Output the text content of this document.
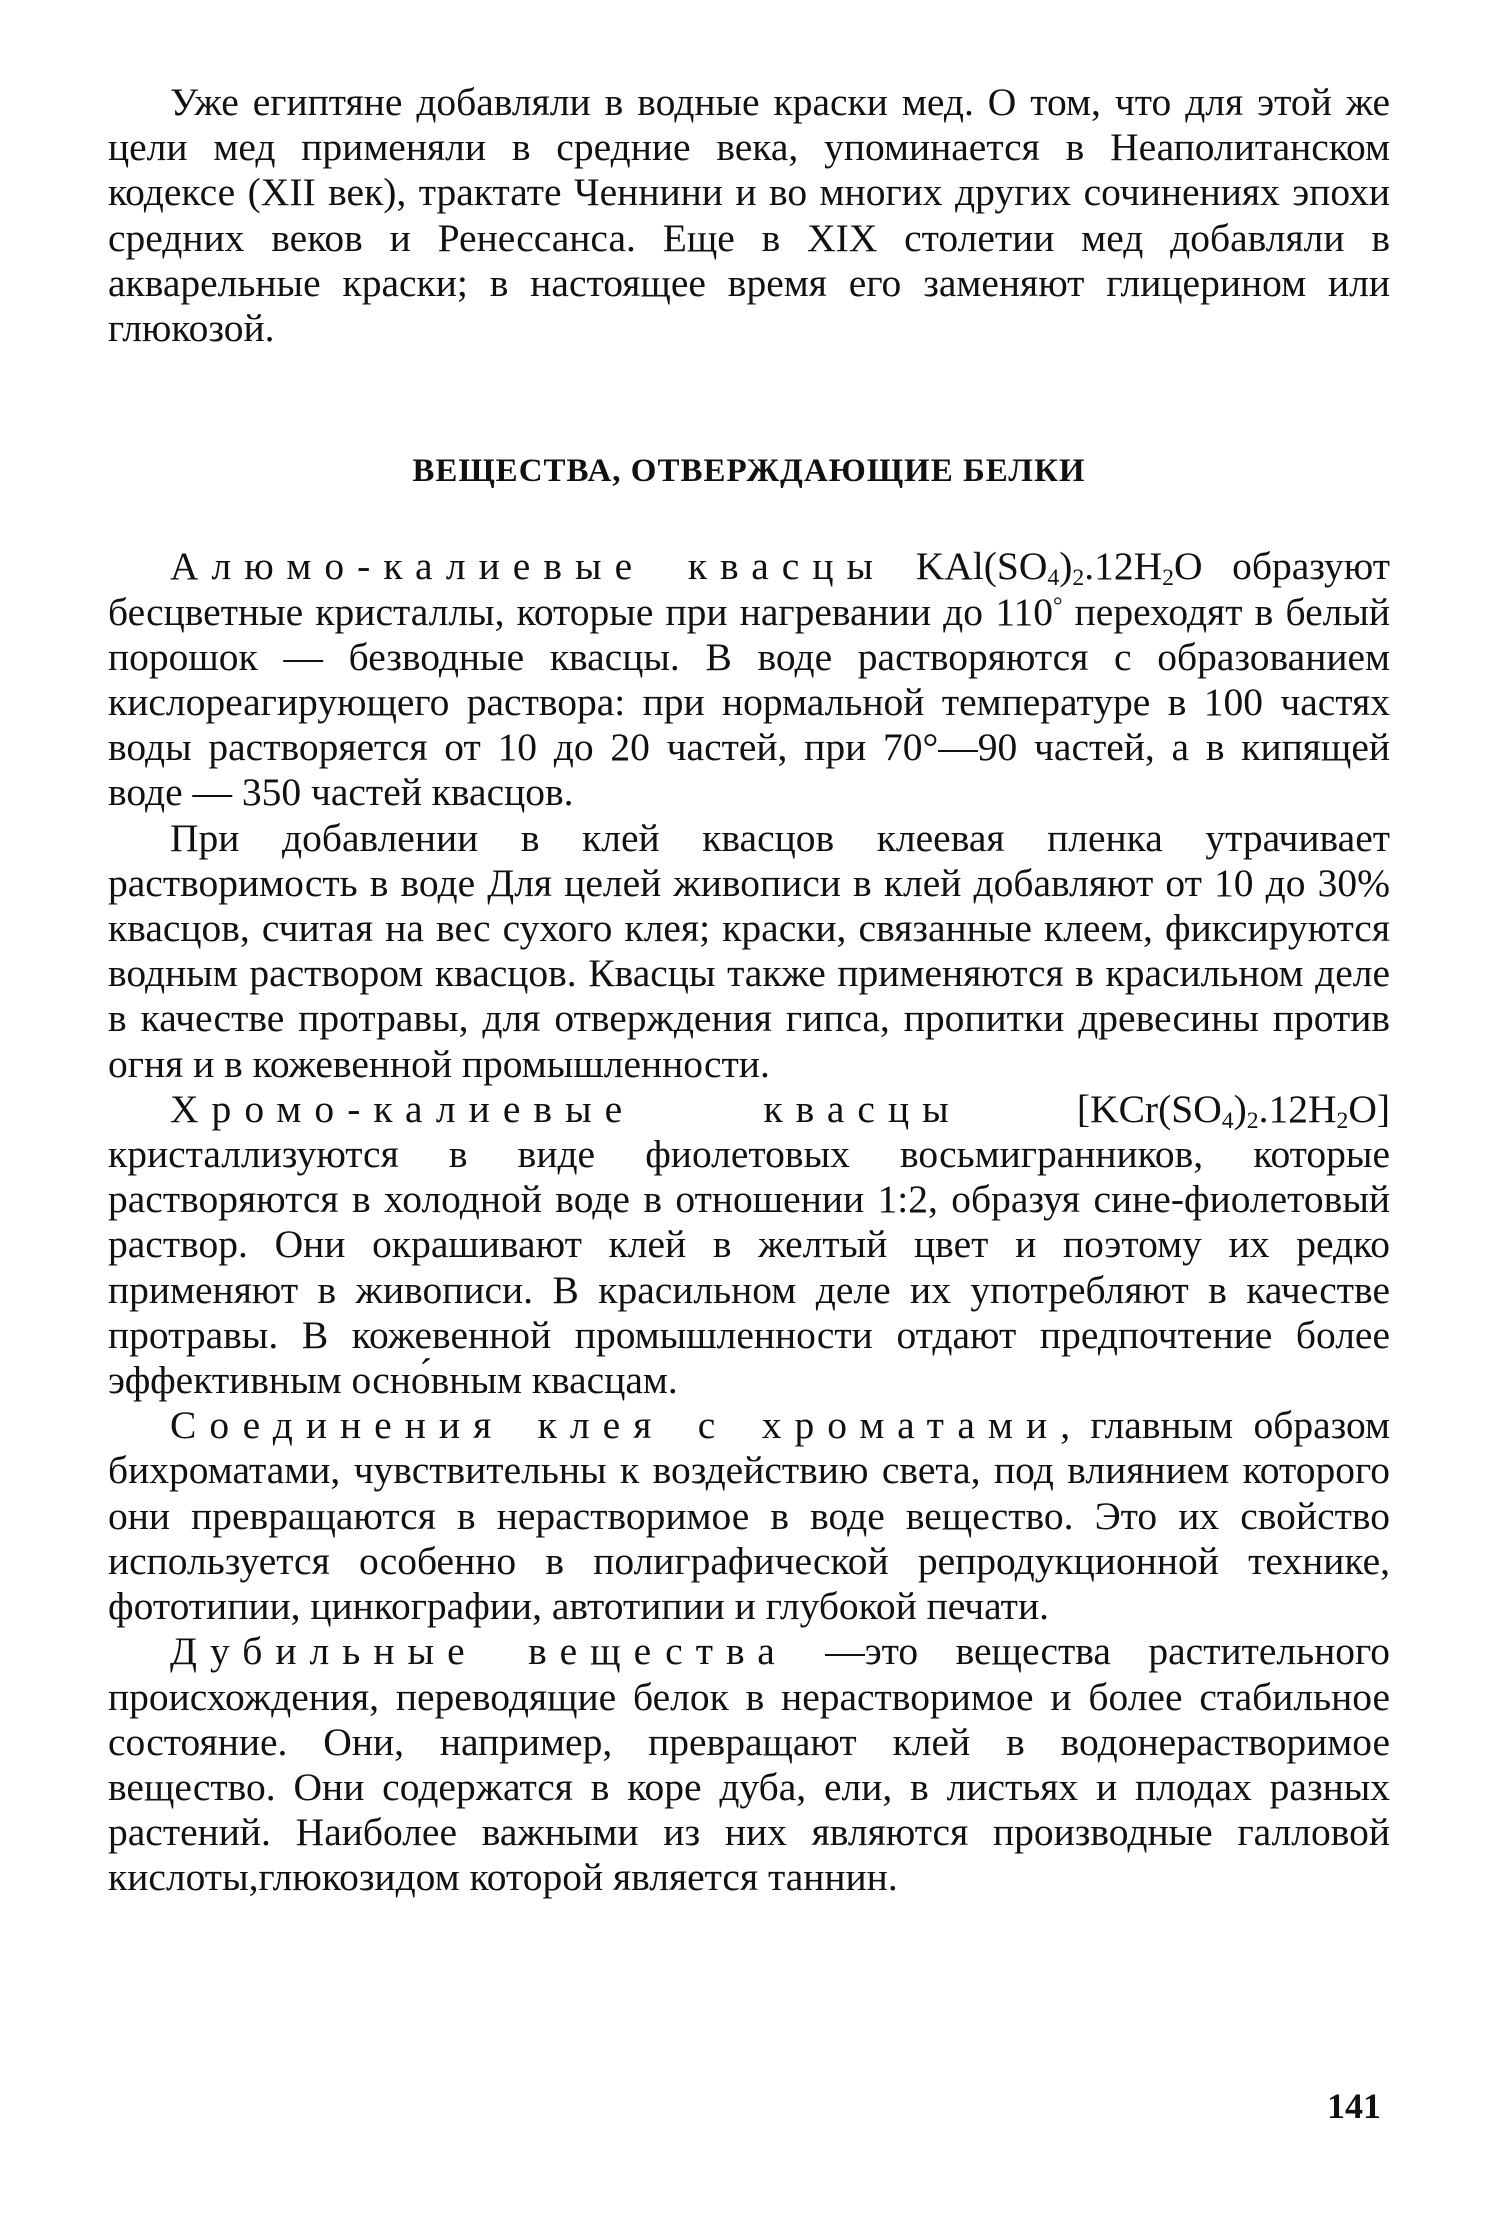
Уже египтяне добавляли в водные краски мед. О том, что для этой же цели мед применяли в средние века, упоминается в Неаполитанском кодексе (XII век), трактате Ченнини и во многих других сочинениях эпохи средних веков и Ренессанса. Еще в XIX столетии мед добавляли в акварельные краски; в настоящее время его заменяют глицерином или глюкозой.

ВЕЩЕСТВА, ОТВЕРЖДАЮЩИЕ БЕЛКИ

Алюмо-калиевые квасцы $KAl(SO_4)_2.12H_2O$ образуют бесцветные кристаллы, которые при нагревании до 110° переходят в белый порошок — безводные квасцы. В воде растворяются с образованием кислореагирующего раствора: при нормальной температуре в 100 частях воды растворяется от 10 до 20 частей, при 70°—90 частей, а в кипящей воде — 350 частей квасцов.

При добавлении в клей квасцов клеевая пленка утрачивает растворимость в воде Для целей живописи в клей добавляют от 10 до 30% квасцов, считая на вес сухого клея; краски, связанные клеем, фиксируются водным раствором квасцов. Квасцы также применяются в красильном деле в качестве протравы, для отверждения гипса, пропитки древесины против огня и в кожевенной промышленности.

Хромо-калиевые квасцы $[KCr(SO_4)_2.12H_2O]$ кристаллизуются в виде фиолетовых восьмигранников, которые растворяются в холодной воде в отношении 1:2, образуя сине-фиолетовый раствор. Они окрашивают клей в желтый цвет и поэтому их редко применяют в живописи. В красильном деле их употребляют в качестве протравы. В кожевенной промышленности отдают предпочтение более эффективным осно́вным квасцам.

Соединения клея с хроматами, главным образом бихроматами, чувствительны к воздействию света, под влиянием которого они превращаются в нерастворимое в воде вещество. Это их свойство используется особенно в полиграфической репродукционной технике, фототипии, цинкографии, автотипии и глубокой печати.

Дубильные вещества —это вещества растительного происхождения, переводящие белок в нерастворимое и более стабильное состояние. Они, например, превращают клей в водонерастворимое вещество. Они содержатся в коре дуба, ели, в листьях и плодах разных растений. Наиболее важными из них являются производные галловой кислоты,глюкозидом которой является таннин.

141
